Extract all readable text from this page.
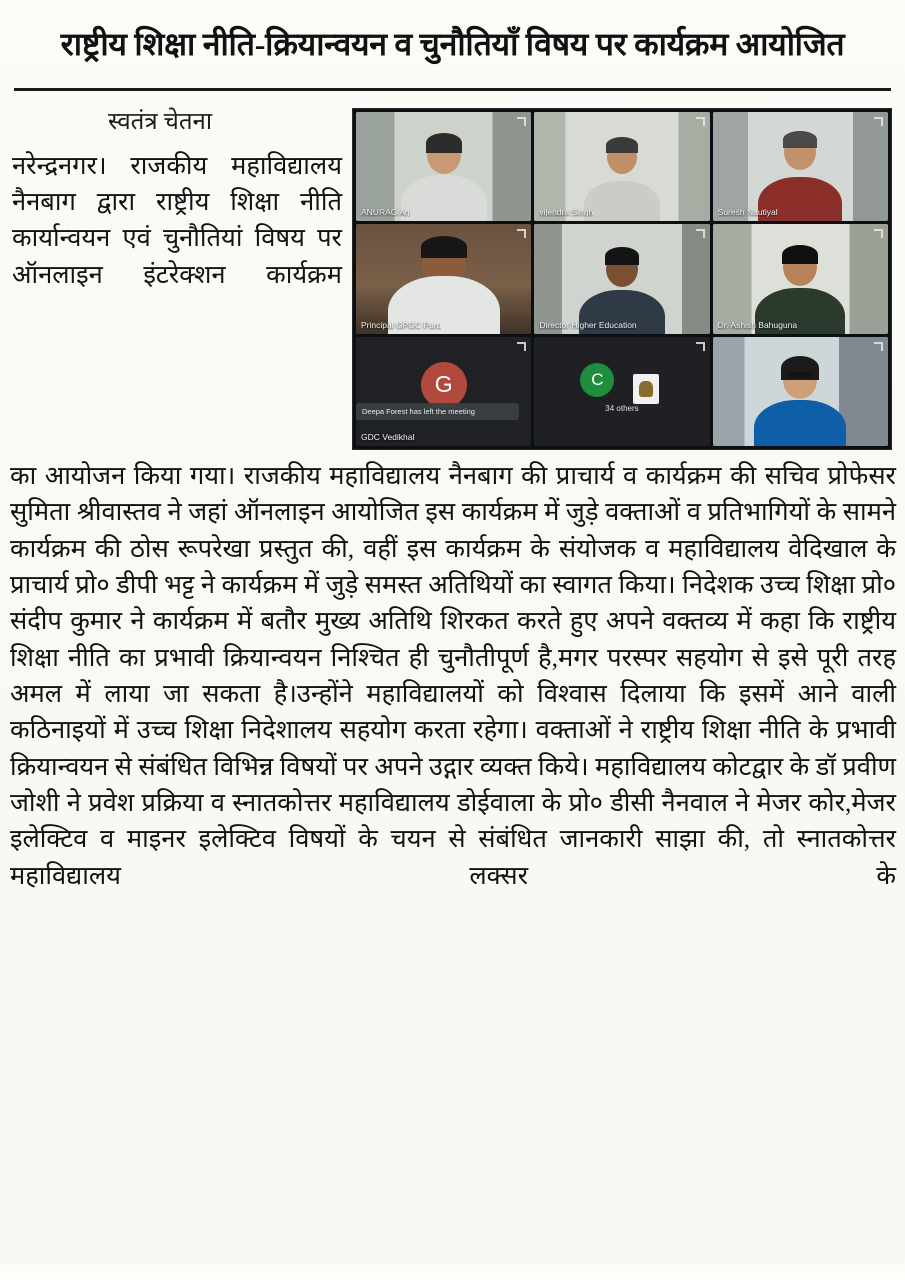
राष्ट्रीय शिक्षा नीति-क्रियान्वयन व चुनौतियाँ विषय पर कार्यक्रम आयोजित
स्वतंत्र चेतना
नरेन्द्रनगर। राजकीय महाविद्यालय नैनबाग द्वारा राष्ट्रीय शिक्षा नीति कार्यान्वयन एवं चुनौतियां विषय पर ऑनलाइन इंटरेक्शन कार्यक्रम
ANURAG Ag	vijendra Singh	Suresh Nautiyal
Principal GPGC Puru	Director Higher Education	Dr. Ashish Bahuguna
G
Deepa Forest has left the meeting
GDC Vedikhal
C
34 others

का आयोजन किया गया। राजकीय महाविद्यालय नैनबाग की प्राचार्य व कार्यक्रम की सचिव प्रोफेसर सुमिता श्रीवास्तव ने जहां ऑनलाइन आयोजित इस कार्यक्रम में जुड़े वक्ताओं व प्रतिभागियों के सामने कार्यक्रम की ठोस रूपरेखा प्रस्तुत की, वहीं इस कार्यक्रम के संयोजक व महाविद्यालय वेदिखाल के प्राचार्य प्रो० डीपी भट्ट ने कार्यक्रम में जुड़े समस्त अतिथियों का स्वागत किया। निदेशक उच्च शिक्षा प्रो० संदीप कुमार ने कार्यक्रम में बतौर मुख्य अतिथि शिरकत करते हुए अपने वक्तव्य में कहा कि राष्ट्रीय शिक्षा नीति का प्रभावी क्रियान्वयन निश्चित ही चुनौतीपूर्ण है,मगर परस्पर सहयोग से इसे पूरी तरह अमल में लाया जा सकता है।उन्होंने महाविद्यालयों को विश्वास दिलाया कि इसमें आने वाली कठिनाइयों में उच्च शिक्षा निदेशालय सहयोग करता रहेगा। वक्ताओं ने राष्ट्रीय शिक्षा नीति के प्रभावी क्रियान्वयन से संबंधित विभिन्न विषयों पर अपने उद्गार व्यक्त किये। महाविद्यालय कोटद्वार के डॉ प्रवीण जोशी ने प्रवेश प्रक्रिया व स्नातकोत्तर महाविद्यालय डोईवाला के प्रो० डीसी नैनवाल ने मेजर कोर,मेजर इलेक्टिव व माइनर इलेक्टिव विषयों के चयन से संबंधित जानकारी साझा की, तो स्नातकोत्तर महाविद्यालय लक्सर के
